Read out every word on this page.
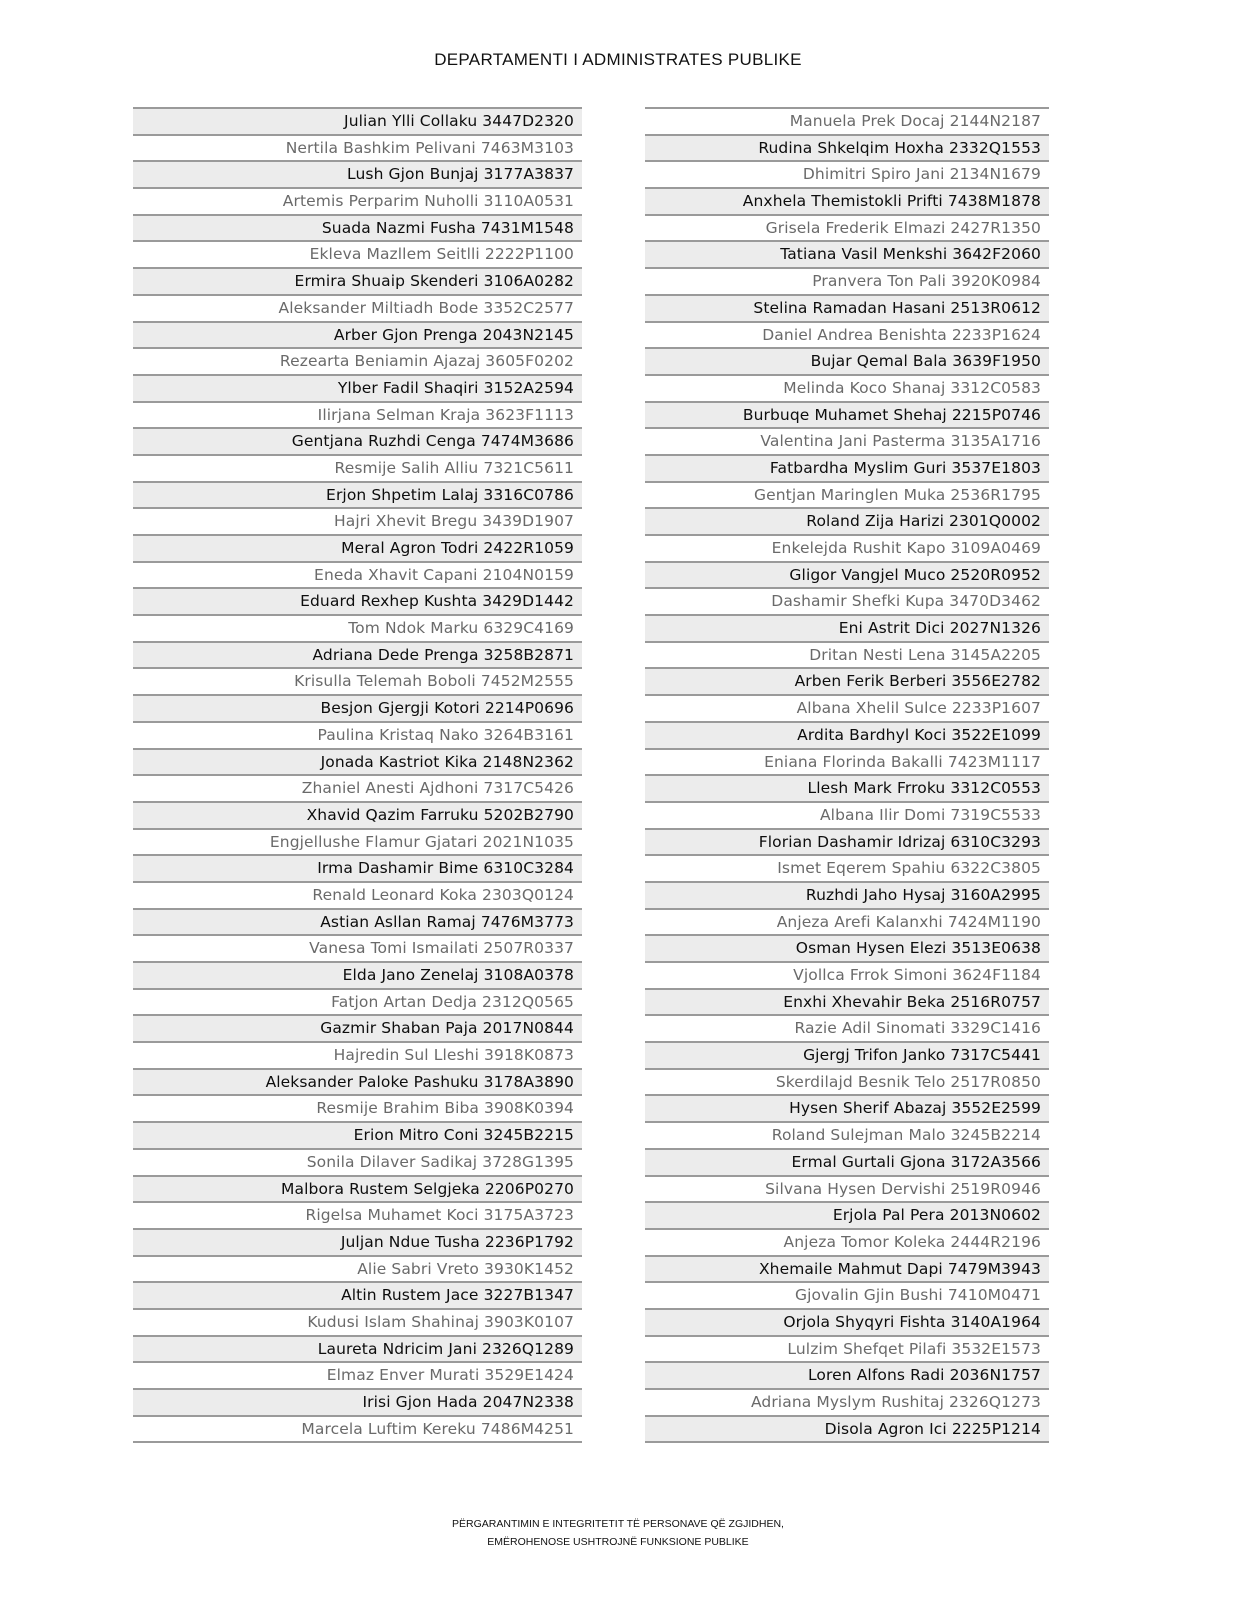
DEPARTAMENTI I ADMINISTRATES PUBLIKE
Julian Ylli Collaku 3447D2320
Nertila Bashkim Pelivani 7463M3103
Lush Gjon Bunjaj 3177A3837
Artemis Perparim Nuholli 3110A0531
Suada Nazmi Fusha 7431M1548
Ekleva Mazllem Seitlli 2222P1100
Ermira Shuaip Skenderi 3106A0282
Aleksander Miltiadh Bode 3352C2577
Arber Gjon Prenga 2043N2145
Rezearta Beniamin Ajazaj 3605F0202
Ylber Fadil Shaqiri 3152A2594
Ilirjana Selman Kraja 3623F1113
Gentjana Ruzhdi Cenga 7474M3686
Resmije Salih Alliu 7321C5611
Erjon Shpetim Lalaj 3316C0786
Hajri Xhevit Bregu 3439D1907
Meral Agron Todri 2422R1059
Eneda Xhavit Capani 2104N0159
Eduard Rexhep Kushta 3429D1442
Tom Ndok Marku 6329C4169
Adriana Dede Prenga 3258B2871
Krisulla Telemah Boboli 7452M2555
Besjon Gjergji Kotori 2214P0696
Paulina Kristaq Nako 3264B3161
Jonada Kastriot Kika 2148N2362
Zhaniel Anesti Ajdhoni 7317C5426
Xhavid Qazim Farruku 5202B2790
Engjellushe Flamur Gjatari 2021N1035
Irma Dashamir Bime 6310C3284
Renald Leonard Koka 2303Q0124
Astian Asllan Ramaj 7476M3773
Vanesa Tomi Ismailati 2507R0337
Elda Jano Zenelaj 3108A0378
Fatjon Artan Dedja 2312Q0565
Gazmir Shaban Paja 2017N0844
Hajredin Sul Lleshi 3918K0873
Aleksander Paloke Pashuku 3178A3890
Resmije Brahim Biba 3908K0394
Erion Mitro Coni 3245B2215
Sonila Dilaver Sadikaj 3728G1395
Malbora Rustem Selgjeka 2206P0270
Rigelsa Muhamet Koci 3175A3723
Juljan Ndue Tusha 2236P1792
Alie Sabri Vreto 3930K1452
Altin Rustem Jace 3227B1347
Kudusi Islam Shahinaj 3903K0107
Laureta Ndricim Jani 2326Q1289
Elmaz Enver Murati 3529E1424
Irisi Gjon Hada 2047N2338
Marcela Luftim Kereku 7486M4251
Manuela Prek Docaj 2144N2187
Rudina Shkelqim Hoxha 2332Q1553
Dhimitri Spiro Jani 2134N1679
Anxhela Themistokli Prifti 7438M1878
Grisela Frederik Elmazi 2427R1350
Tatiana Vasil Menkshi 3642F2060
Pranvera Ton Pali 3920K0984
Stelina Ramadan Hasani 2513R0612
Daniel Andrea Benishta 2233P1624
Bujar Qemal Bala 3639F1950
Melinda Koco Shanaj 3312C0583
Burbuqe Muhamet Shehaj 2215P0746
Valentina Jani Pasterma 3135A1716
Fatbardha Myslim Guri 3537E1803
Gentjan Maringlen Muka 2536R1795
Roland Zija Harizi 2301Q0002
Enkelejda Rushit Kapo 3109A0469
Gligor Vangjel Muco 2520R0952
Dashamir Shefki Kupa 3470D3462
Eni Astrit Dici 2027N1326
Dritan Nesti Lena 3145A2205
Arben Ferik Berberi 3556E2782
Albana Xhelil Sulce 2233P1607
Ardita Bardhyl Koci 3522E1099
Eniana Florinda Bakalli 7423M1117
Llesh Mark Frroku 3312C0553
Albana Ilir Domi 7319C5533
Florian Dashamir Idrizaj 6310C3293
Ismet Eqerem Spahiu 6322C3805
Ruzhdi Jaho Hysaj 3160A2995
Anjeza Arefi Kalanxhi 7424M1190
Osman Hysen Elezi 3513E0638
Vjollca Frrok Simoni 3624F1184
Enxhi Xhevahir Beka 2516R0757
Razie Adil Sinomati 3329C1416
Gjergj Trifon Janko 7317C5441
Skerdilajd Besnik Telo 2517R0850
Hysen Sherif Abazaj 3552E2599
Roland Sulejman Malo 3245B2214
Ermal Gurtali Gjona 3172A3566
Silvana Hysen Dervishi 2519R0946
Erjola Pal Pera 2013N0602
Anjeza Tomor Koleka 2444R2196
Xhemaile Mahmut Dapi 7479M3943
Gjovalin Gjin Bushi 7410M0471
Orjola Shyqyri Fishta 3140A1964
Lulzim Shefqet Pilafi 3532E1573
Loren Alfons Radi 2036N1757
Adriana Myslym Rushitaj 2326Q1273
Disola Agron Ici 2225P1214
PËRGARANTIMIN E INTEGRITETIT TË PERSONAVE QË ZGJIDHEN,
EMËROHENOSE USHTROJNË FUNKSIONE PUBLIKE
